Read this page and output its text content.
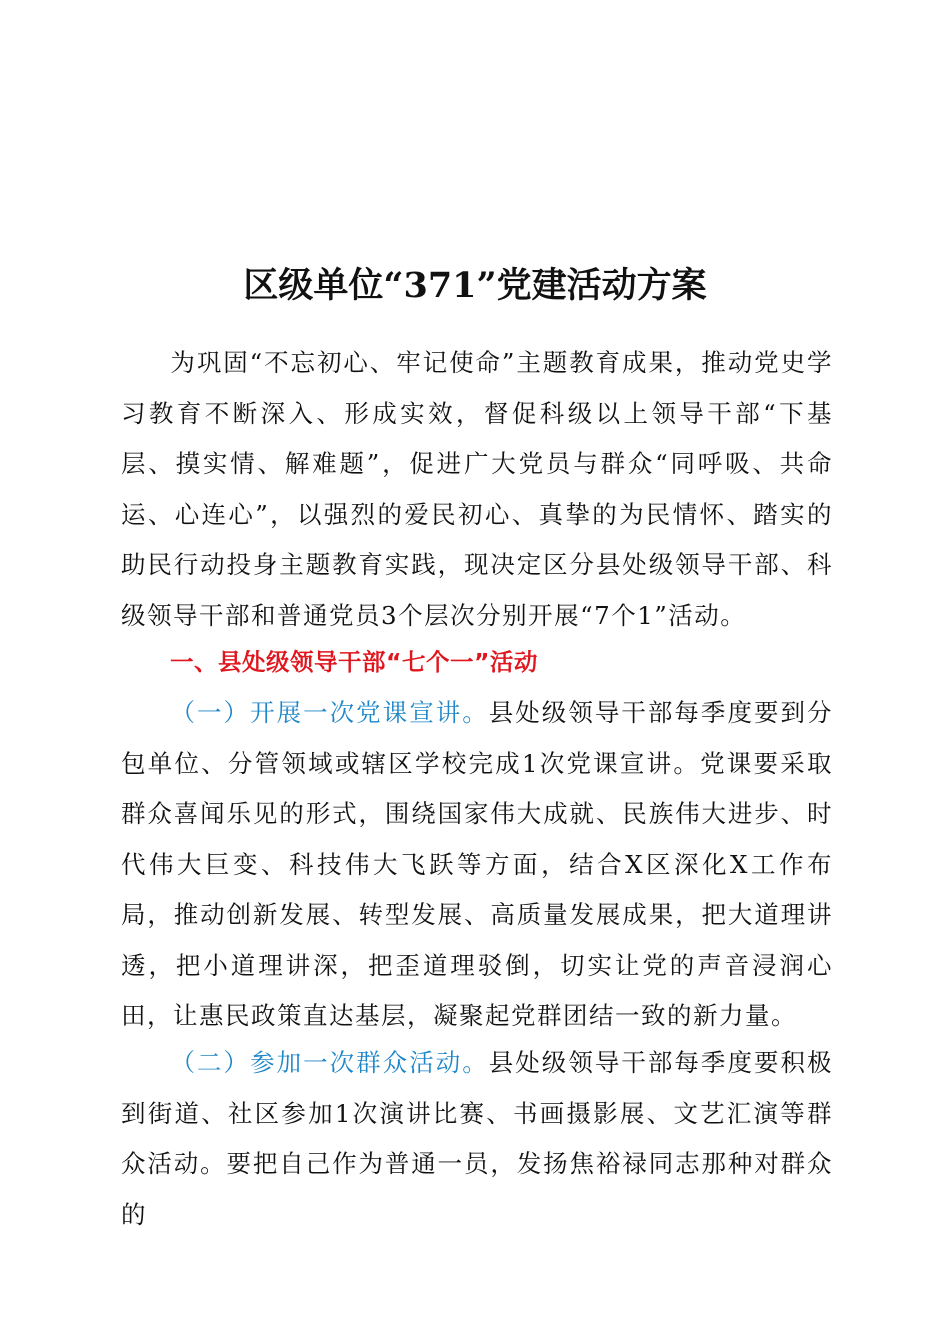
区级单位“371”党建活动方案

为巩固“不忘初心、牢记使命”主题教育成果，推动党史学习教育不断深入、形成实效，督促科级以上领导干部“下基层、摸实情、解难题”，促进广大党员与群众“同呼吸、共命运、心连心”，以强烈的爱民初心、真挚的为民情怀、踏实的助民行动投身主题教育实践，现决定区分县处级领导干部、科级领导干部和普通党员3个层次分别开展“7个1”活动。

一、县处级领导干部“七个一”活动

（一）开展一次党课宣讲。县处级领导干部每季度要到分包单位、分管领域或辖区学校完成1次党课宣讲。党课要采取群众喜闻乐见的形式，围绕国家伟大成就、民族伟大进步、时代伟大巨变、科技伟大飞跃等方面，结合X区深化X工作布局，推动创新发展、转型发展、高质量发展成果，把大道理讲透，把小道理讲深，把歪道理驳倒，切实让党的声音浸润心田，让惠民政策直达基层，凝聚起党群团结一致的新力量。

（二）参加一次群众活动。县处级领导干部每季度要积极到街道、社区参加1次演讲比赛、书画摄影展、文艺汇演等群众活动。要把自己作为普通一员，发扬焦裕禄同志那种对群众的
